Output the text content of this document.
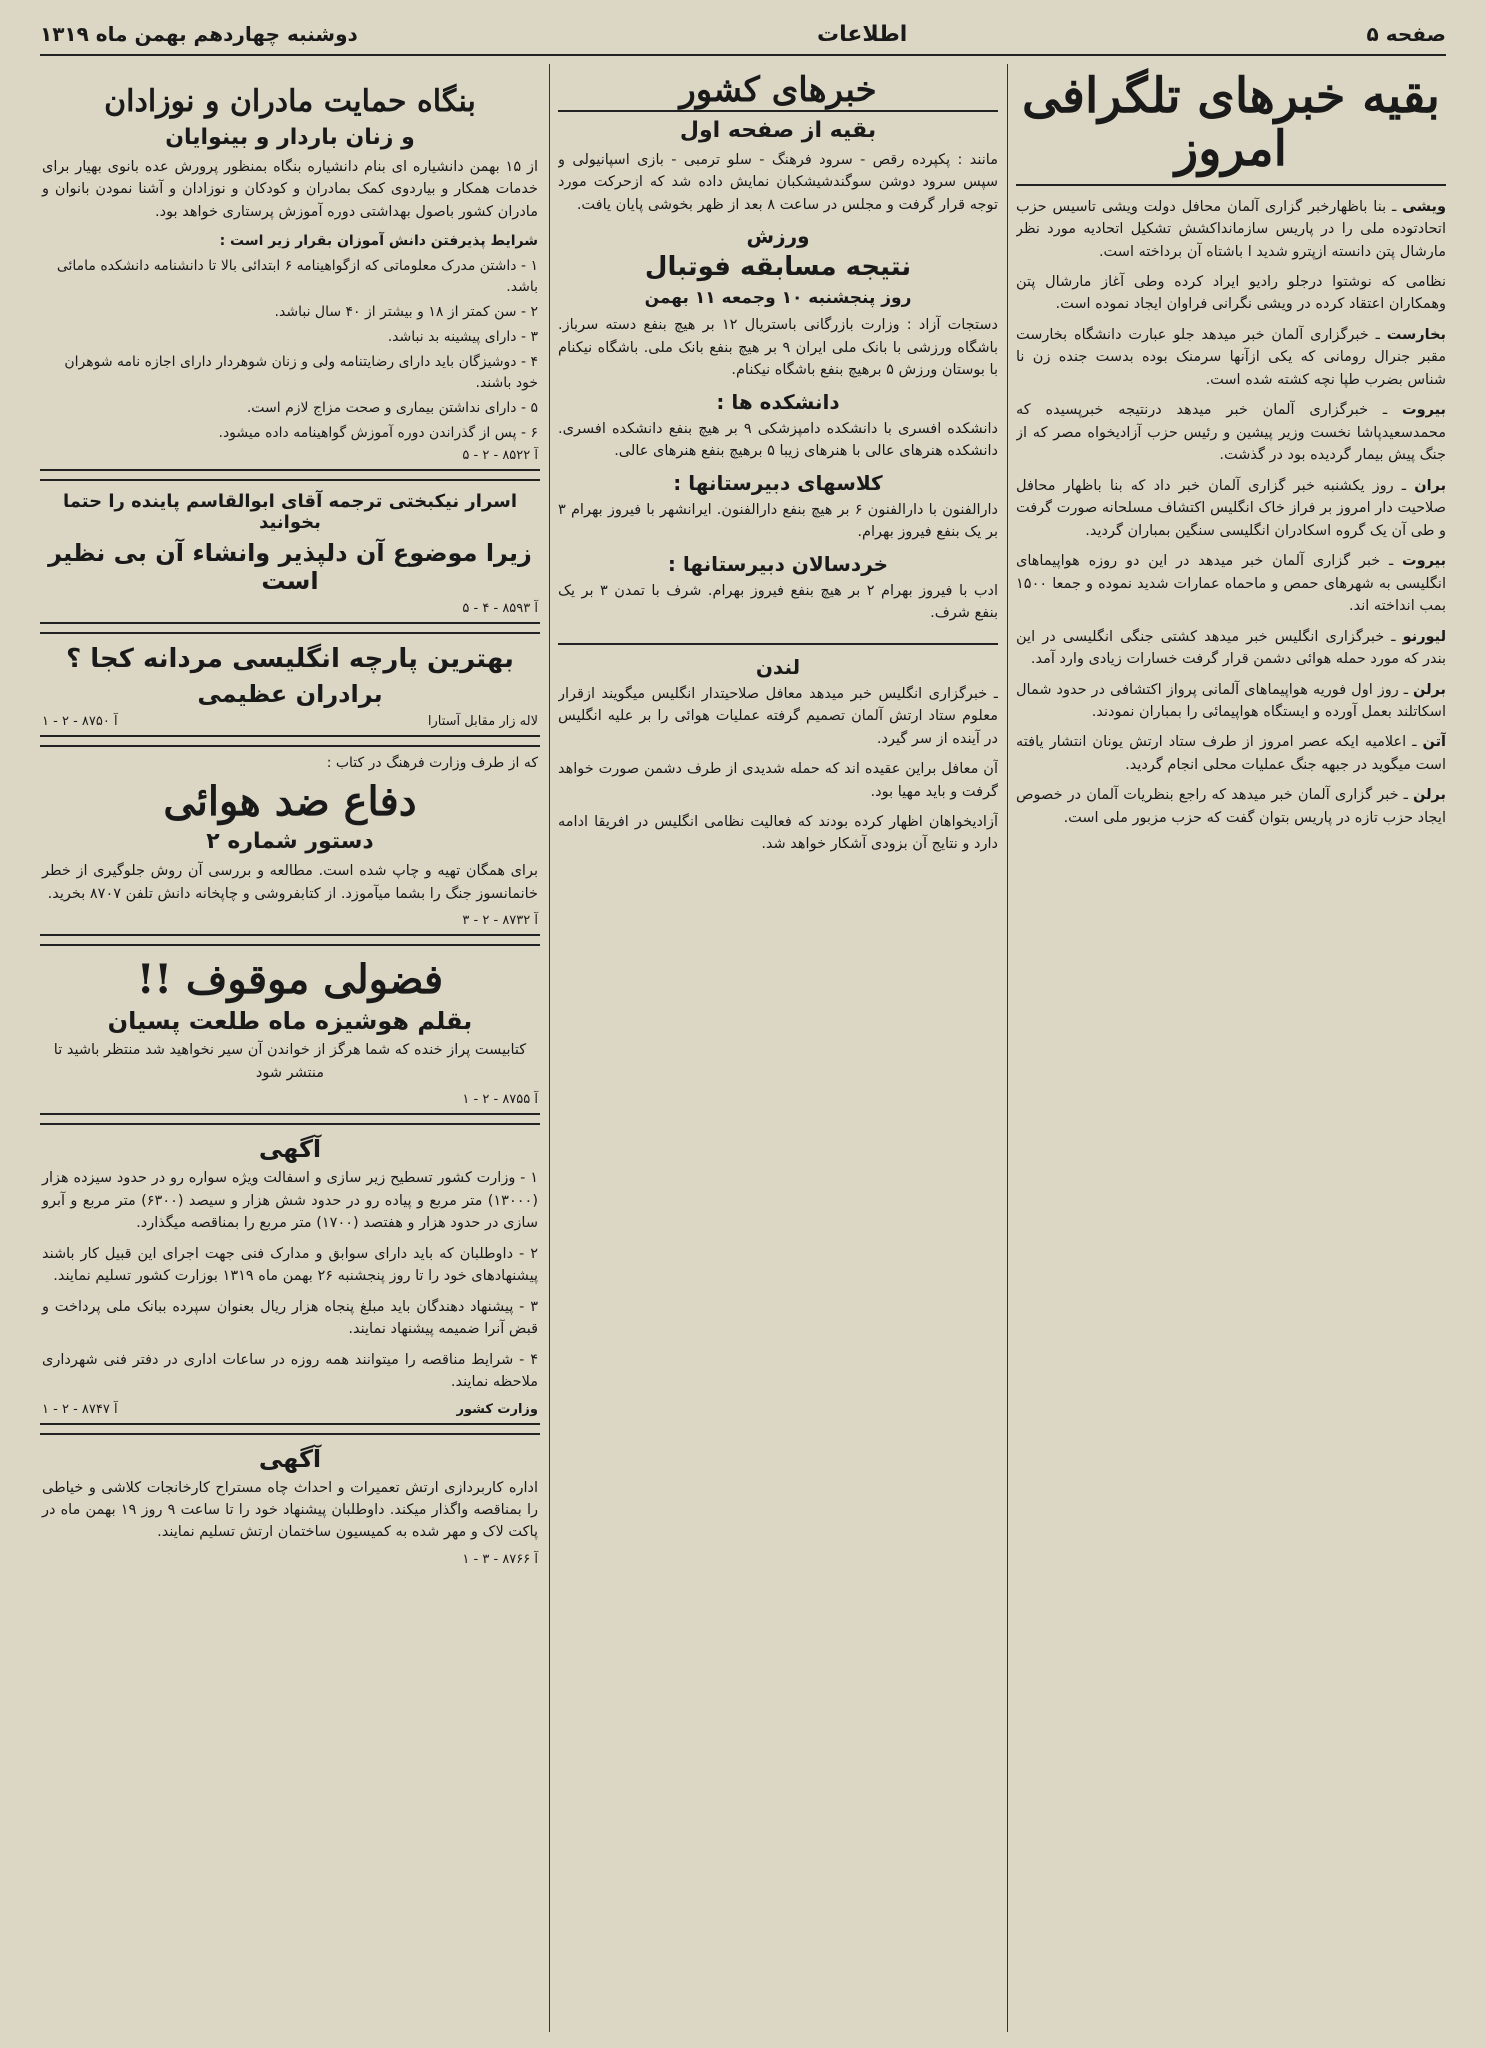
صفحه ۵
اطلاعات
دوشنبه چهاردهم بهمن ماه ۱۳۱۹
بقیه خبرهای تلگرافی امروز

ویشی ـ بنا باظهارخبر گزاری آلمان محافل دولت ویشی تاسیس حزب اتحادتوده ملی را در پاریس سازمانداکشش تشکیل اتحادیه مورد نظر مارشال پتن دانسته ازپترو شدید ا باشتاه آن برداخته است.

نظامی که نوشتوا درجلو رادیو ایراد کرده وطی آغاز مارشال پتن وهمکاران اعتقاد کرده در ویشی نگرانی فراوان ایجاد نموده است.

بخارست ـ خبرگزاری آلمان خبر میدهد جلو عبارت دانشگاه بخارست مقبر جنرال رومانی که یکی ازآنها سرمنک بوده بدست جنده زن نا شناس بضرب طپا نچه کشته شده است.

بیروت ـ خبرگزاری آلمان خبر میدهد درنتیجه خبرپسیده که محمدسعیدپاشا نخست وزیر پیشین و رئیس حزب آزادیخواه مصر که از جنگ پیش بیمار گردیده بود در گذشت.

بران ـ روز یکشنبه خبر گزاری آلمان خبر داد که بنا باظهار محافل صلاحیت دار امروز بر فراز خاک انگلیس اکتشاف مسلحانه صورت گرفت و طی آن یک گروه اسکادران انگلیسی سنگین بمباران گردید.

بیروت ـ خبر گزاری آلمان خبر میدهد در این دو روزه هواپیماهای انگلیسی به شهرهای حمص و ماحماه عمارات شدید نموده و جمعا ۱۵۰۰ بمب انداخته اند.

لیورنو ـ خبرگزاری انگلیس خبر میدهد کشتی جنگی انگلیسی در این بندر که مورد حمله هوائی دشمن قرار گرفت خسارات زیادی وارد آمد.

برلن ـ روز اول فوریه هواپیماهای آلمانی پرواز اکتشافی در حدود شمال اسکاتلند بعمل آورده و ایستگاه هواپیمائی را بمباران نمودند.

آتن ـ اعلامیه ایکه عصر امروز از طرف ستاد ارتش یونان انتشار یافته است میگوید در جبهه جنگ عملیات محلی انجام گردید.

برلن ـ خبر گزاری آلمان خبر میدهد که راجع بنظریات آلمان در خصوص ایجاد حزب تازه در پاریس بتوان گفت که حزب مزبور ملی است.

خبرهای کشور
بقیه از صفحه اول

مانند : پکپرده رقص - سرود فرهنگ - سلو ترمبی - بازی اسپانیولی و سپس سرود دوشن سوگندشیشکبان نمایش داده شد که ازحرکت مورد توجه قرار گرفت و مجلس در ساعت ۸ بعد از ظهر بخوشی پایان یافت.

ورزش
نتیجه مسابقه فوتبال
روز پنجشنبه ۱۰ وجمعه ۱۱ بهمن

دستجات آزاد : وزارت بازرگانی باستریال ۱۲ بر هیچ بنفع دسته سرباز. باشگاه ورزشی با بانک ملی ایران ۹ بر هیچ بنفع بانک ملی. باشگاه نیکنام با بوستان ورزش ۵ برهیچ بنفع باشگاه نیکنام.

دانشکده ها :

دانشکده افسری با دانشکده دامپزشکی ۹ بر هیچ بنفع دانشکده افسری. دانشکده هنرهای عالی با هنرهای زیبا ۵ برهیچ بنفع هنرهای عالی.

کلاسهای دبیرستانها :

دارالفنون با دارالفنون ۶ بر هیچ بنفع دارالفنون. ایرانشهر با فیروز بهرام ۳ بر یک بنفع فیروز بهرام.

خردسالان دبیرستانها :

ادب با فیروز بهرام ۲ بر هیچ بنفع فیروز بهرام. شرف با تمدن ۳ بر یک بنفع شرف.

لندن

ـ خبرگزاری انگلیس خبر میدهد معافل صلاحیتدار انگلیس میگویند ازقرار معلوم ستاد ارتش آلمان تصمیم گرفته عملیات هوائی را بر علیه انگلیس در آینده از سر گیرد.

آن معافل براین عقیده اند که حمله شدیدی از طرف دشمن صورت خواهد گرفت و باید مهیا بود.

آزادیخواهان اظهار کرده بودند که فعالیت نظامی انگلیس در افریقا ادامه دارد و نتایج آن بزودی آشکار خواهد شد.

بنگاه حمایت مادران و نوزادان
و زنان باردار و بینوایان

از ۱۵ بهمن دانشیاره ای بنام دانشیاره بنگاه بمنظور پرورش عده بانوی بهیار برای خدمات همکار و بیاردوی کمک بمادران و کودکان و نوزادان و آشنا نمودن بانوان و مادران کشور باصول بهداشتی دوره آموزش پرستاری خواهد بود.

شرایط پذیرفتن دانش آموزان بقرار زیر است :
۱ - داشتن مدرک معلوماتی که ازگواهینامه ۶ ابتدائی بالا تا دانشنامه دانشکده مامائی باشد.
۲ - سن کمتر از ۱۸ و بیشتر از ۴۰ سال نباشد.
۳ - دارای پیشینه بد نباشد.
۴ - دوشیزگان باید دارای رضایتنامه ولی و زنان شوهردار دارای اجازه نامه شوهران خود باشند.
۵ - دارای نداشتن بیماری و صحت مزاج لازم است.
۶ - پس از گذراندن دوره آموزش گواهینامه داده میشود.
آ ۸۵۲۲ - ۲ - ۵
اسرار نیکبختی ترجمه آقای ابوالقاسم پاینده را حتما بخوانید
زیرا موضوع آن دلپذیر وانشاء آن بی نظیر است
آ ۸۵۹۳ - ۴ - ۵
بهترین پارچه انگلیسی مردانه کجا ؟
برادران عظیمی
لاله زار مقابل آستارا
آ ۸۷۵۰ - ۲ - ۱
که از طرف وزارت فرهنگ در کتاب :
دفاع ضد هوائی
دستور شماره ۲

برای همگان تهیه و چاپ شده است. مطالعه و بررسی آن روش جلوگیری از خطر خانمانسوز جنگ را بشما میآموزد. از کتابفروشی و چاپخانه دانش تلفن ۸۷۰۷ بخرید.

آ ۸۷۳۲ - ۲ - ۳
فضولی موقوف !!
بقلم هوشیزه ماه طلعت پسیان

کتابیست پراز خنده که شما هرگز از خواندن آن سیر نخواهید شد منتظر باشید تا منتشر شود

آ ۸۷۵۵ - ۲ - ۱
آگهی

۱ - وزارت کشور تسطیح زیر سازی و اسفالت ویژه سواره رو در حدود سیزده هزار (۱۳۰۰۰) متر مربع و پیاده رو در حدود شش هزار و سیصد (۶۳۰۰) متر مربع و آبرو سازی در حدود هزار و هفتصد (۱۷۰۰) متر مربع را بمناقصه میگذارد.

۲ - داوطلبان که باید دارای سوابق و مدارک فنی جهت اجرای این قبیل کار باشند پیشنهادهای خود را تا روز پنجشنبه ۲۶ بهمن ماه ۱۳۱۹ بوزارت کشور تسلیم نمایند.

۳ - پیشنهاد دهندگان باید مبلغ پنجاه هزار ریال بعنوان سپرده ببانک ملی پرداخت و قبض آنرا ضمیمه پیشنهاد نمایند.

۴ - شرایط مناقصه را میتوانند همه روزه در ساعات اداری در دفتر فنی شهرداری ملاحظه نمایند.

وزارت کشور
آ ۸۷۴۷ - ۲ - ۱
آگهی

اداره کاربردازی ارتش تعمیرات و احداث چاه مستراح کارخانجات کلاشی و خیاطی را بمناقصه واگذار میکند. داوطلبان پیشنهاد خود را تا ساعت ۹ روز ۱۹ بهمن ماه در پاکت لاک و مهر شده به کمیسیون ساختمان ارتش تسلیم نمایند.

آ ۸۷۶۶ - ۳ - ۱
